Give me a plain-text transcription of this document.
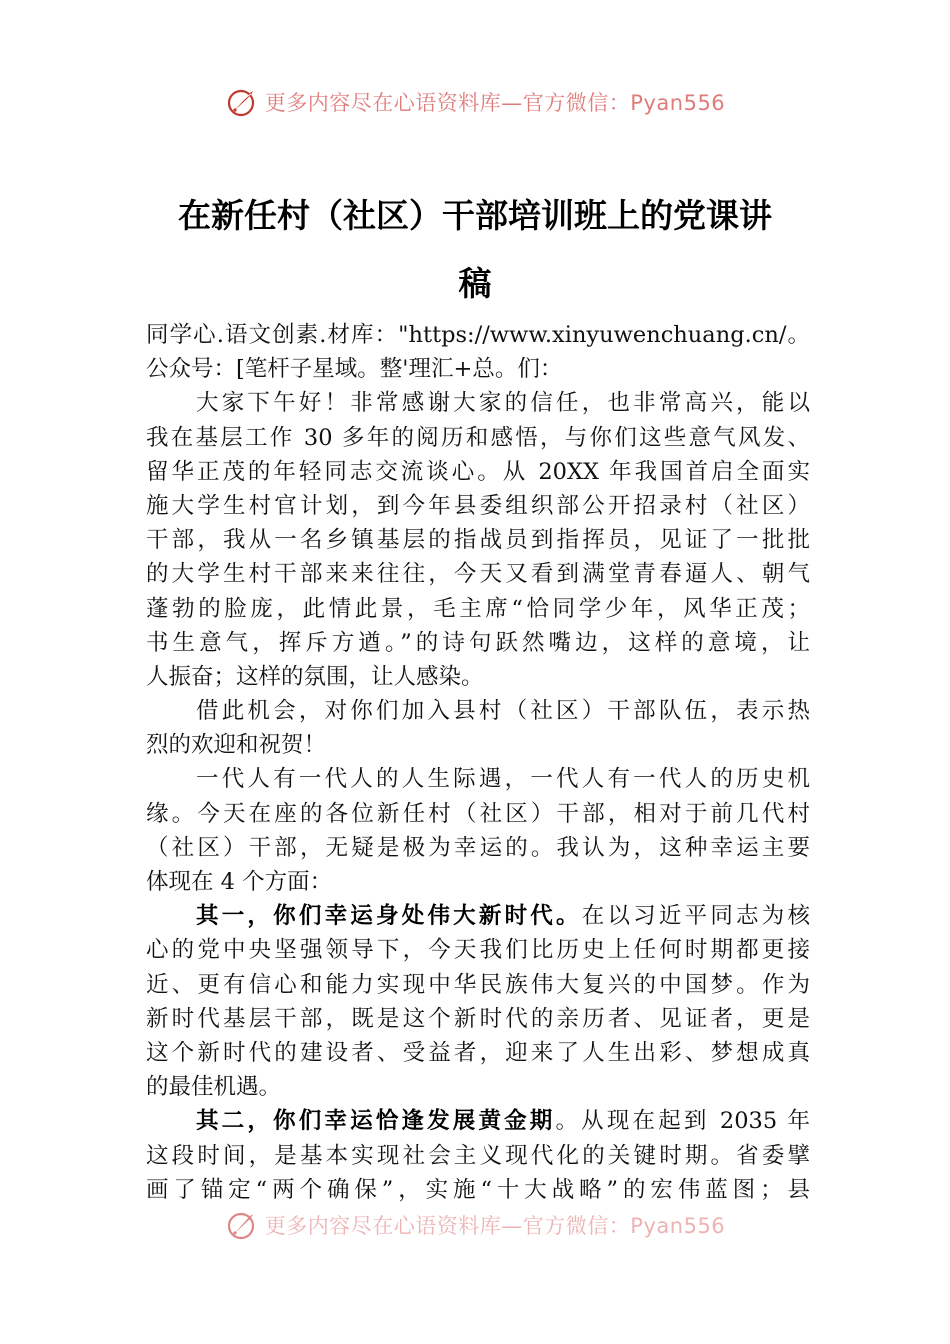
更多内容尽在心语资料库—官方微信：Pyan556
在新任村（社区）干部培训班上的党课讲
稿
同学心.语文创素.材库："https://www.xinyuwenchuang.cn/。
公众号：[笔杆子星域。整'理汇+总。们：
大家下午好！非常感谢大家的信任，也非常高兴，能以
我在基层工作 30 多年的阅历和感悟，与你们这些意气风发、
留华正茂的年轻同志交流谈心。从 20XX 年我国首启全面实
施大学生村官计划，到今年县委组织部公开招录村（社区）
干部，我从一名乡镇基层的指战员到指挥员，见证了一批批
的大学生村干部来来往往，今天又看到满堂青春逼人、朝气
蓬勃的脸庞，此情此景，毛主席“恰同学少年，风华正茂；
书生意气，挥斥方遒。”的诗句跃然嘴边，这样的意境，让
人振奋；这样的氛围，让人感染。
借此机会，对你们加入县村（社区）干部队伍，表示热
烈的欢迎和祝贺！
一代人有一代人的人生际遇，一代人有一代人的历史机
缘。今天在座的各位新任村（社区）干部，相对于前几代村
（社区）干部，无疑是极为幸运的。我认为，这种幸运主要
体现在 4 个方面：
其一，你们幸运身处伟大新时代。在以习近平同志为核
心的党中央坚强领导下，今天我们比历史上任何时期都更接
近、更有信心和能力实现中华民族伟大复兴的中国梦。作为
新时代基层干部，既是这个新时代的亲历者、见证者，更是
这个新时代的建设者、受益者，迎来了人生出彩、梦想成真
的最佳机遇。
其二，你们幸运恰逢发展黄金期。从现在起到 2035 年
这段时间，是基本实现社会主义现代化的关键时期。省委擘
画了锚定“两个确保”，实施“十大战略”的宏伟蓝图；县
更多内容尽在心语资料库—官方微信：Pyan556
